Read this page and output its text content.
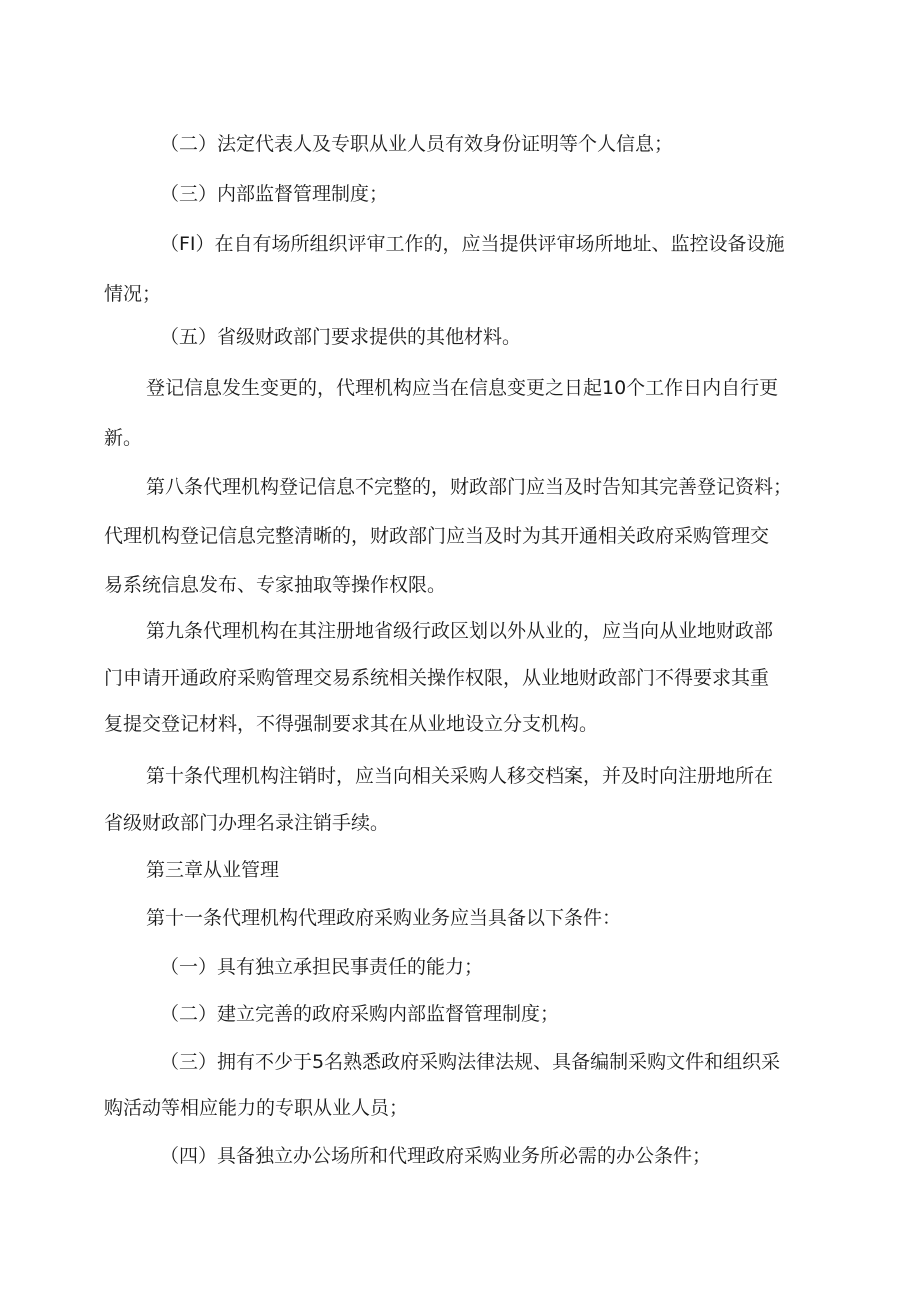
（二）法定代表人及专职从业人员有效身份证明等个人信息；

（三）内部监督管理制度；

（FI）在自有场所组织评审工作的，应当提供评审场所地址、监控设备设施

情况；

（五）省级财政部门要求提供的其他材料。

登记信息发生变更的，代理机构应当在信息变更之日起10个工作日内自行更

新。

第八条代理机构登记信息不完整的，财政部门应当及时告知其完善登记资料；

代理机构登记信息完整清晰的，财政部门应当及时为其开通相关政府采购管理交

易系统信息发布、专家抽取等操作权限。

第九条代理机构在其注册地省级行政区划以外从业的，应当向从业地财政部

门申请开通政府采购管理交易系统相关操作权限，从业地财政部门不得要求其重

复提交登记材料，不得强制要求其在从业地设立分支机构。

第十条代理机构注销时，应当向相关采购人移交档案，并及时向注册地所在

省级财政部门办理名录注销手续。

第三章从业管理

第十一条代理机构代理政府采购业务应当具备以下条件：

（一）具有独立承担民事责任的能力；

（二）建立完善的政府采购内部监督管理制度；

（三）拥有不少于5名熟悉政府采购法律法规、具备编制采购文件和组织采

购活动等相应能力的专职从业人员；

（四）具备独立办公场所和代理政府采购业务所必需的办公条件；
